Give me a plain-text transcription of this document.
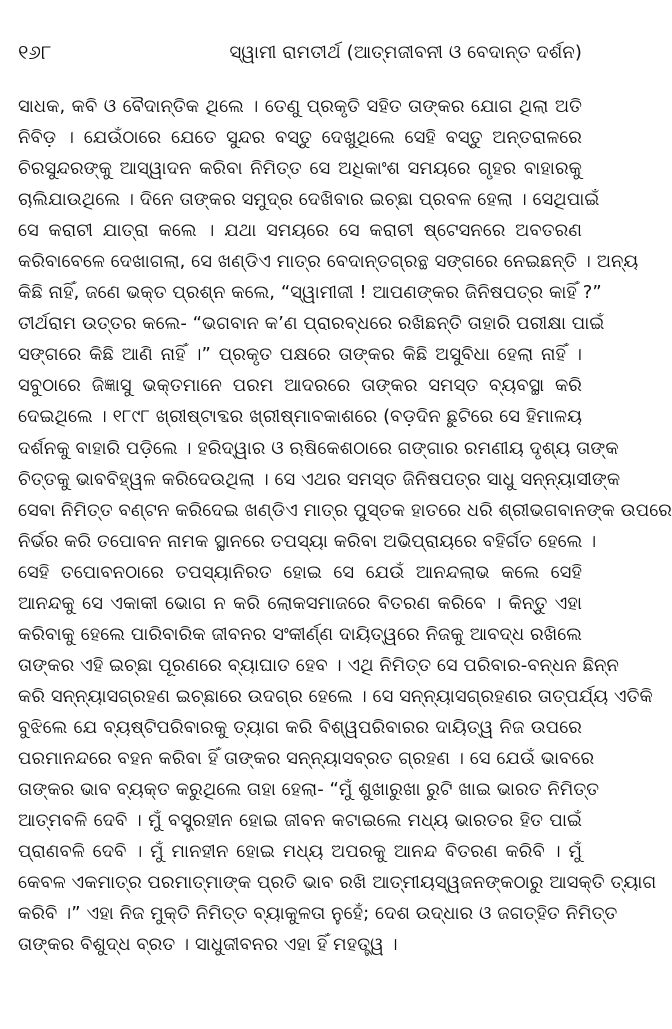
୧୬୮	ସ୍ୱାମୀ ରାମତୀର୍ଥ (ଆତ୍ମଜୀବନୀ ଓ ବେଦାନ୍ତ ଦର୍ଶନ)
ସାଧକ, କବି ଓ ବୈଦାନ୍ତିକ ଥିଲେ । ତେଣୁ ପ୍ରକୃତି ସହିତ ତାଙ୍କର ଯୋଗ ଥିଲା ଅତି
ନିବିଡ଼ । ଯେଉଁଠାରେ ଯେତେ ସୁନ୍ଦର ବସ୍ତୁ ଦେଖୁଥିଲେ ସେହି ବସ୍ତୁ ଅନ୍ତରାଳରେ
ଚିରସୁନ୍ଦରଙ୍କୁ ଆସ୍ୱାଦନ କରିବା ନିମିତ୍ତ ସେ ଅଧିକାଂଶ ସମୟରେ ଗୃହର ବାହାରକୁ
ଚାଲିଯାଉଥିଲେ । ଦିନେ ତାଙ୍କର ସମୁଦ୍ର ଦେଖିବାର ଇଚ୍ଛା ପ୍ରବଳ ହେଲା । ସେଥିପାଇଁ
ସେ କରାଚୀ ଯାତ୍ରା କଲେ । ଯଥା ସମୟରେ ସେ କରାଚୀ ଷ୍ଟେସନରେ ଅବତରଣ
କରିବାବେଳେ ଦେଖାଗଲା, ସେ ଖଣ୍ଡିଏ ମାତ୍ର ବେଦାନ୍ତଗ୍ରନ୍ଥ ସଙ୍ଗରେ ନେଇଛନ୍ତି । ଅନ୍ୟ
କିଛି ନାହିଁ, ଜଣେ ଭକ୍ତ ପ୍ରଶ୍ନ କଲେ, “ସ୍ୱାମୀଜୀ ! ଆପଣଙ୍କର ଜିନିଷପତ୍ର କାହିଁ ?”
ତୀର୍ଥରାମ ଉତ୍ତର କଲେ- “ଭଗବାନ କ’ଣ ପ୍ରାରବ୍ଧରେ ରଖିଛନ୍ତି ତାହାରି ପରୀକ୍ଷା ପାଇଁ
ସଙ୍ଗରେ କିଛି ଆଣି ନାହିଁ ।” ପ୍ରକୃତ ପକ୍ଷରେ ତାଙ୍କର କିଛି ଅସୁବିଧା ହେଲା ନାହିଁ ।
ସବୁଠାରେ ଜିଜ୍ଞାସୁ ଭକ୍ତମାନେ ପରମ ଆଦରରେ ତାଙ୍କର ସମସ୍ତ ବ୍ୟବସ୍ଥା କରି
ଦେଇଥିଲେ । ୧୮୯୮ ଖ୍ରୀଷ୍ଟାବ୍ଦର ଖ୍ରୀଷ୍ମାବକାଶରେ (ବଡ଼ଦିନ ଛୁଟିରେ ସେ ହିମାଳୟ
ଦର୍ଶନକୁ ବାହାରି ପଡ଼ିଲେ । ହରିଦ୍ୱାର ଓ ଋଷିକେଶଠାରେ ଗଙ୍ଗାର ରମଣୀୟ ଦୃଶ୍ୟ ତାଙ୍କ
ଚିତ୍ତକୁ ଭାବବିହ୍ୱଳ କରିଦେଉଥିଲା । ସେ ଏଥର ସମସ୍ତ ଜିନିଷପତ୍ର ସାଧୁ ସନ୍ନ୍ୟାସୀଙ୍କ
ସେବା ନିମିତ୍ତ ବଣ୍ଟନ କରିଦେଇ ଖଣ୍ଡିଏ ମାତ୍ର ପୁସ୍ତକ ହାତରେ ଧରି ଶ୍ରୀଭଗବାନଙ୍କ ଉପରେ
ନିର୍ଭର କରି ତପୋବନ ନାମକ ସ୍ଥାନରେ ତପସ୍ୟା କରିବା ଅଭିପ୍ରାୟରେ ବହିର୍ଗତ ହେଲେ ।
ସେହି ତପୋବନଠାରେ ତପସ୍ୟାନିରତ ହୋଇ ସେ ଯେଉଁ ଆନନ୍ଦଲାଭ କଲେ ସେହି
ଆନନ୍ଦକୁ ସେ ଏକାକୀ ଭୋଗ ନ କରି ଲୋକସମାଜରେ ବିତରଣ କରିବେ । କିନ୍ତୁ ଏହା
କରିବାକୁ ହେଲେ ପାରିବାରିକ ଜୀବନର ସଂକୀର୍ଣ୍ଣ ଦାୟିତ୍ୱରେ ନିଜକୁ ଆବଦ୍ଧ ରଖିଲେ
ତାଙ୍କର ଏହି ଇଚ୍ଛା ପୂରଣରେ ବ୍ୟାଘାତ ହେବ । ଏଥି ନିମିତ୍ତ ସେ ପରିବାର-ବନ୍ଧନ ଛିନ୍ନ
କରି ସନ୍ନ୍ୟାସଗ୍ରହଣ ଇଚ୍ଛାରେ ଉଦଗ୍ର ହେଲେ । ସେ ସନ୍ନ୍ୟାସଗ୍ରହଣର ତାତ୍ପର୍ଯ୍ୟ ଏତିକି
ବୁଝିଲେ ଯେ ବ୍ୟଷ୍ଟିପରିବାରକୁ ତ୍ୟାଗ କରି ବିଶ୍ୱପରିବାରର ଦାୟିତ୍ୱ ନିଜ ଉପରେ
ପରମାନନ୍ଦରେ ବହନ କରିବା ହିଁ ତାଙ୍କର ସନ୍ନ୍ୟାସବ୍ରତ ଗ୍ରହଣ । ସେ ଯେଉଁ ଭାବରେ
ତାଙ୍କର ଭାବ ବ୍ୟକ୍ତ କରୁଥିଲେ ତାହା ହେଲା- “ମୁଁ ଶୁଖାରୁଖା ରୁଟି ଖାଇ ଭାରତ ନିମିତ୍ତ
ଆତ୍ମବଳି ଦେବି । ମୁଁ ବସ୍ତ୍ରହୀନ ହୋଇ ଜୀବନ କଟାଇଲେ ମଧ୍ୟ ଭାରତର ହିତ ପାଇଁ
ପ୍ରାଣବଳି ଦେବି । ମୁଁ ମାନହୀନ ହୋଇ ମଧ୍ୟ ଅପରକୁ ଆନନ୍ଦ ବିତରଣ କରିବି । ମୁଁ
କେବଳ ଏକମାତ୍ର ପରମାତ୍ମାଙ୍କ ପ୍ରତି ଭାବ ରଖି ଆତ୍ମୀୟସ୍ୱଜନଙ୍କଠାରୁ ଆସକ୍ତି ତ୍ୟାଗ
କରିବି ।” ଏହା ନିଜ ମୁକ୍ତି ନିମିତ୍ତ ବ୍ୟାକୁଳତା ନୁହେଁ; ଦେଶ ଉଦ୍ଧାର ଓ ଜଗତ୍‌ହିତ ନିମିତ୍ତ
ତାଙ୍କର ବିଶୁଦ୍ଧ ବ୍ରତ । ସାଧୁଜୀବନର ଏହା ହିଁ ମହତ୍ତ୍ୱ ।
